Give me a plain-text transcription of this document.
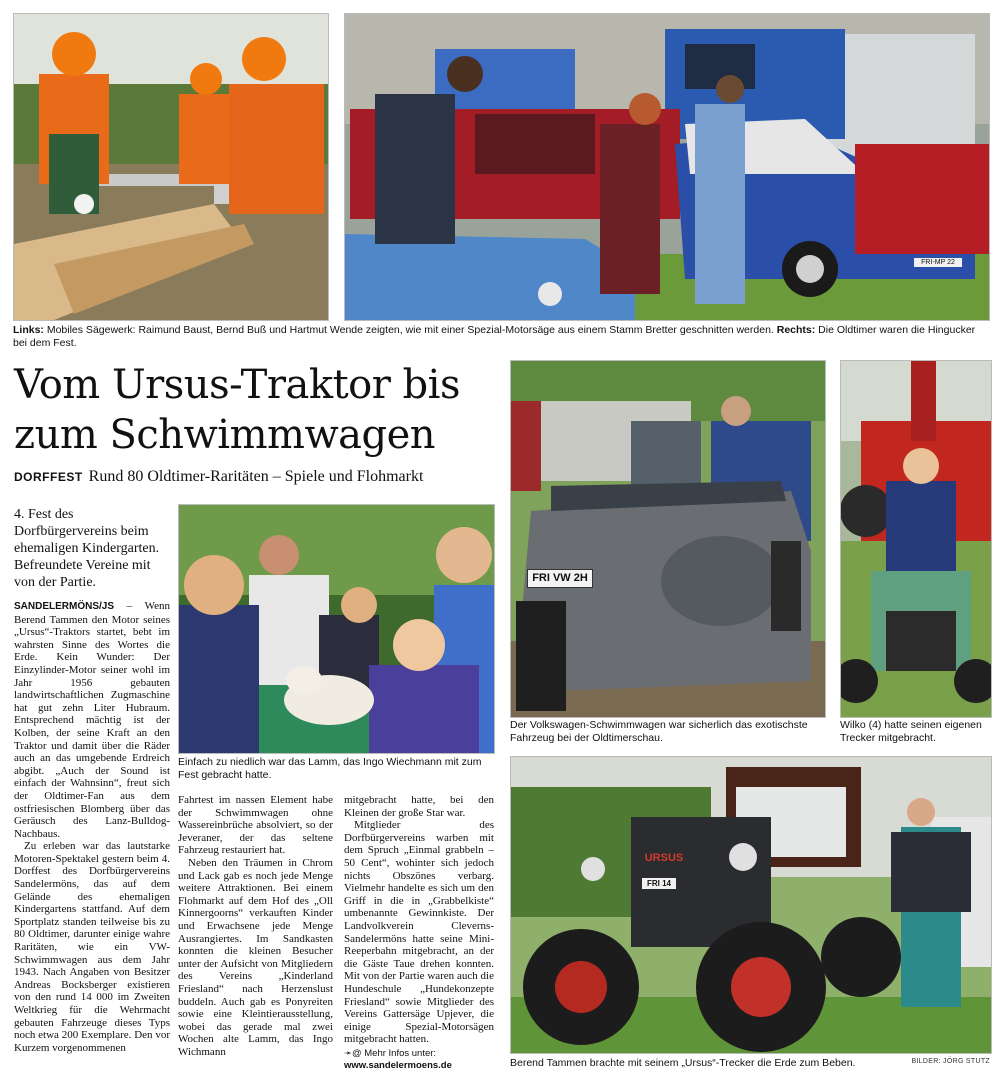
FRI-MP 22
Links: Mobiles Sägewerk: Raimund Baust, Bernd Buß und Hartmut Wende zeigten, wie mit einer Spezial-Motorsäge aus einem Stamm Bretter geschnitten werden. Rechts: Die Oldtimer waren die Hingucker bei dem Fest.
Vom Ursus-Traktor bis
zum Schwimmwagen
DORFFEST Rund 80 Oldtimer-Raritäten – Spiele und Flohmarkt
4. Fest des Dorfbürgervereins beim ehemaligen Kindergarten. Befreundete Vereine mit von der Partie.
Einfach zu niedlich war das Lamm, das Ingo Wiechmann mit zum Fest gebracht hatte.
FRI VW 2H
Der Volkswagen-Schwimmwagen war sicherlich das exotischste Fahrzeug bei der Oldtimerschau.
Wilko (4) hatte seinen eigenen Trecker mitgebracht.
URSUS
FRI 14
Berend Tammen brachte mit seinem „Ursus“-Trecker die Erde zum Beben.	BILDER: JÖRG STUTZ

SANDELERMÖNS/JS – Wenn Berend Tammen den Motor seines „Ursus“-Traktors startet, bebt im wahrsten Sinne des Wortes die Erde. Kein Wunder: Der Einzylinder-Motor seiner wohl im Jahr 1956 gebauten landwirtschaftlichen Zugmaschine hat gut zehn Liter Hubraum. Entsprechend mächtig ist der Kolben, der seine Kraft an den Traktor und damit über die Räder auch an das umgebende Erdreich abgibt. „Auch der Sound ist einfach der Wahnsinn“, freut sich der Oldtimer-Fan aus dem ostfriesischen Blomberg über das Geräusch des Lanz-Bulldog-Nachbaus.

Zu erleben war das lautstarke Motoren-Spektakel gestern beim 4. Dorffest des Dorfbürgervereins Sandelermöns, das auf dem Gelände des ehemaligen Kindergartens stattfand. Auf dem Sportplatz standen teilweise bis zu 80 Oldtimer, darunter einige wahre Raritäten, wie ein VW-Schwimmwagen aus dem Jahr 1943. Nach Angaben von Besitzer Andreas Bocksberger existieren von den rund 14 000 im Zweiten Weltkrieg für die Wehrmacht gebauten Fahrzeuge dieses Typs noch etwa 200 Exemplare. Den vor Kurzem vorgenommenen

Fahrtest im nassen Element habe der Schwimmwagen ohne Wassereinbrüche absolviert, so der Jeveraner, der das seltene Fahrzeug restauriert hat.

Neben den Träumen in Chrom und Lack gab es noch jede Menge weitere Attraktionen. Bei einem Flohmarkt auf dem Hof des „Oll Kinnergoorns“ verkauften Kinder und Erwachsene jede Menge Ausrangiertes. Im Sandkasten konnten die kleinen Besucher unter der Aufsicht von Mitgliedern des Vereins „Kinderland Friesland“ nach Herzenslust buddeln. Auch gab es Ponyreiten sowie eine Kleintierausstellung, wobei das gerade mal zwei Wochen alte Lamm, das Ingo Wichmann

mitgebracht hatte, bei den Kleinen der große Star war.

Mitglieder des Dorfbürgervereins warben mit dem Spruch „Einmal grabbeln – 50 Cent“, wohinter sich jedoch nichts Obszönes verbarg. Vielmehr handelte es sich um den Griff in die in „Grabbelkiste“ umbenannte Gewinnkiste. Der Landvolkverein Cleverns-Sandelermöns hatte seine Mini-Reeperbahn mitgebracht, an der die Gäste Taue drehen konnten. Mit von der Partie waren auch die Hundeschule „Hundekonzepte Friesland“ sowie Mitglieder des Vereins Gattersäge Upjever, die einige Spezial-Motorsägen mitgebracht hatten.

➛@ Mehr Infos unter:
www.sandelermoens.de
